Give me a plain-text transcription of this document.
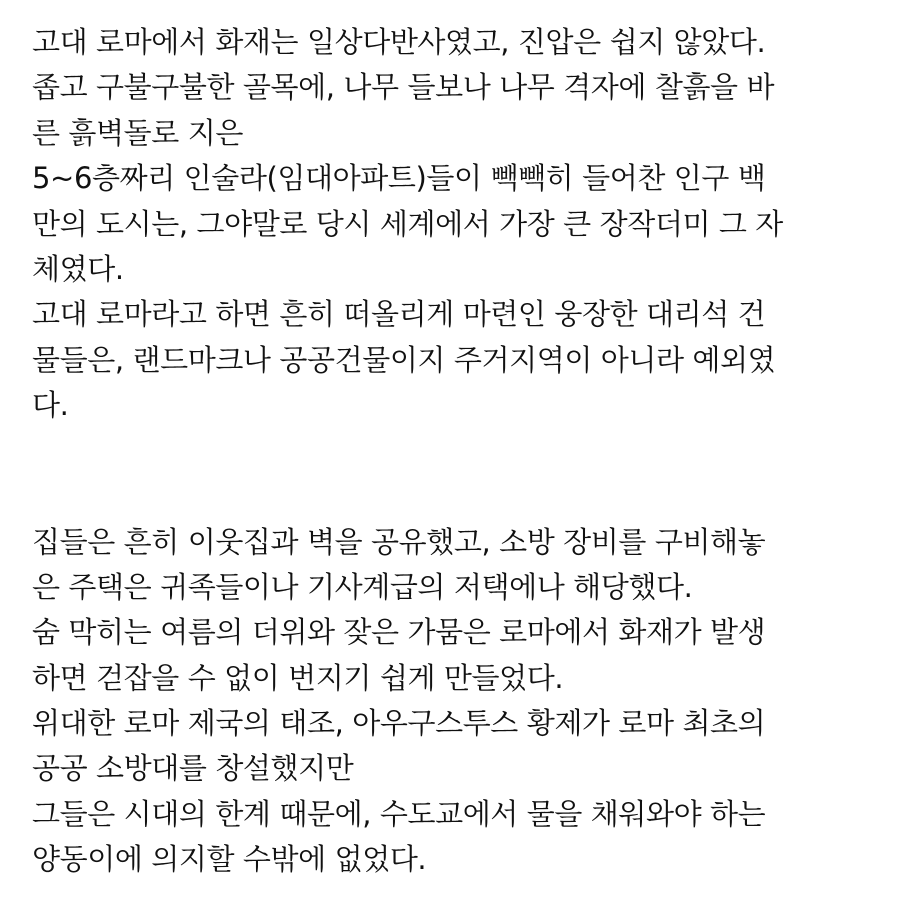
고대 로마에서 화재는 일상다반사였고, 진압은 쉽지 않았다.
좁고 구불구불한 골목에, 나무 들보나 나무 격자에 찰흙을 바
른 흙벽돌로 지은
5~6층짜리 인술라(임대아파트)들이 빽빽히 들어찬 인구 백
만의 도시는, 그야말로 당시 세계에서 가장 큰 장작더미 그 자
체였다.
고대 로마라고 하면 흔히 떠올리게 마련인 웅장한 대리석 건
물들은, 랜드마크나 공공건물이지 주거지역이 아니라 예외였
다.
집들은 흔히 이웃집과 벽을 공유했고, 소방 장비를 구비해놓
은 주택은 귀족들이나 기사계급의 저택에나 해당했다.
숨 막히는 여름의 더위와 잦은 가뭄은 로마에서 화재가 발생
하면 걷잡을 수 없이 번지기 쉽게 만들었다.
위대한 로마 제국의 태조, 아우구스투스 황제가 로마 최초의
공공 소방대를 창설했지만
그들은 시대의 한계 때문에, 수도교에서 물을 채워와야 하는
양동이에 의지할 수밖에 없었다.
